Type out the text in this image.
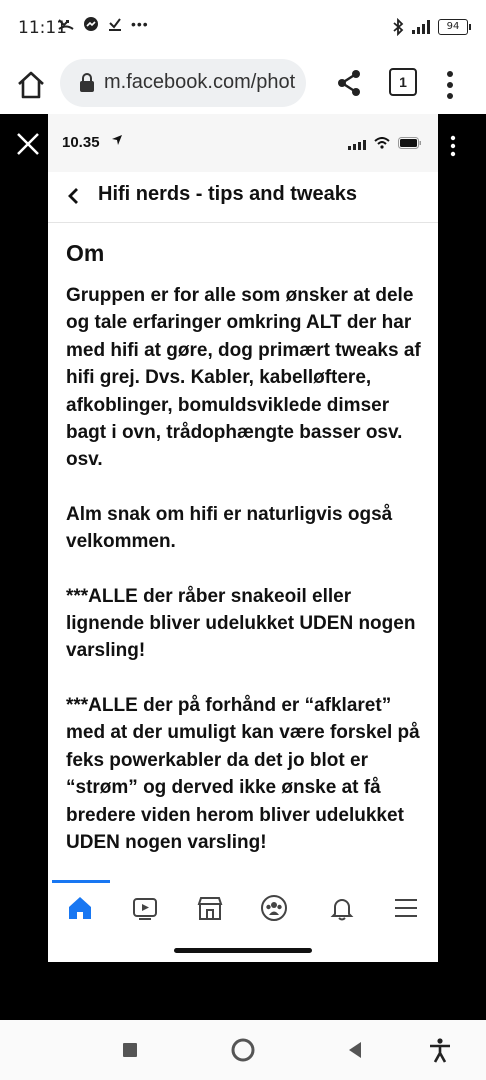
11:11	•••	94
m.facebook.com/phot	1
10.35
Hifi nerds - tips and tweaks
Om

Gruppen er for alle som ønsker at dele og tale erfaringer omkring ALT der har med hifi at gøre, dog primært tweaks af hifi grej. Dvs. Kabler, kabelløftere, afkoblinger, bomuldsviklede dimser bagt i ovn, trådophængte basser osv. osv.

Alm snak om hifi er naturligvis også velkommen.

***ALLE der råber snakeoil eller lignende bliver udelukket UDEN nogen varsling!

***ALLE der på forhånd er “afklaret” med at der umuligt kan være forskel på feks powerkabler da det jo blot er “strøm” og derved ikke ønske at få bredere viden herom bliver udelukket UDEN nogen varsling!
